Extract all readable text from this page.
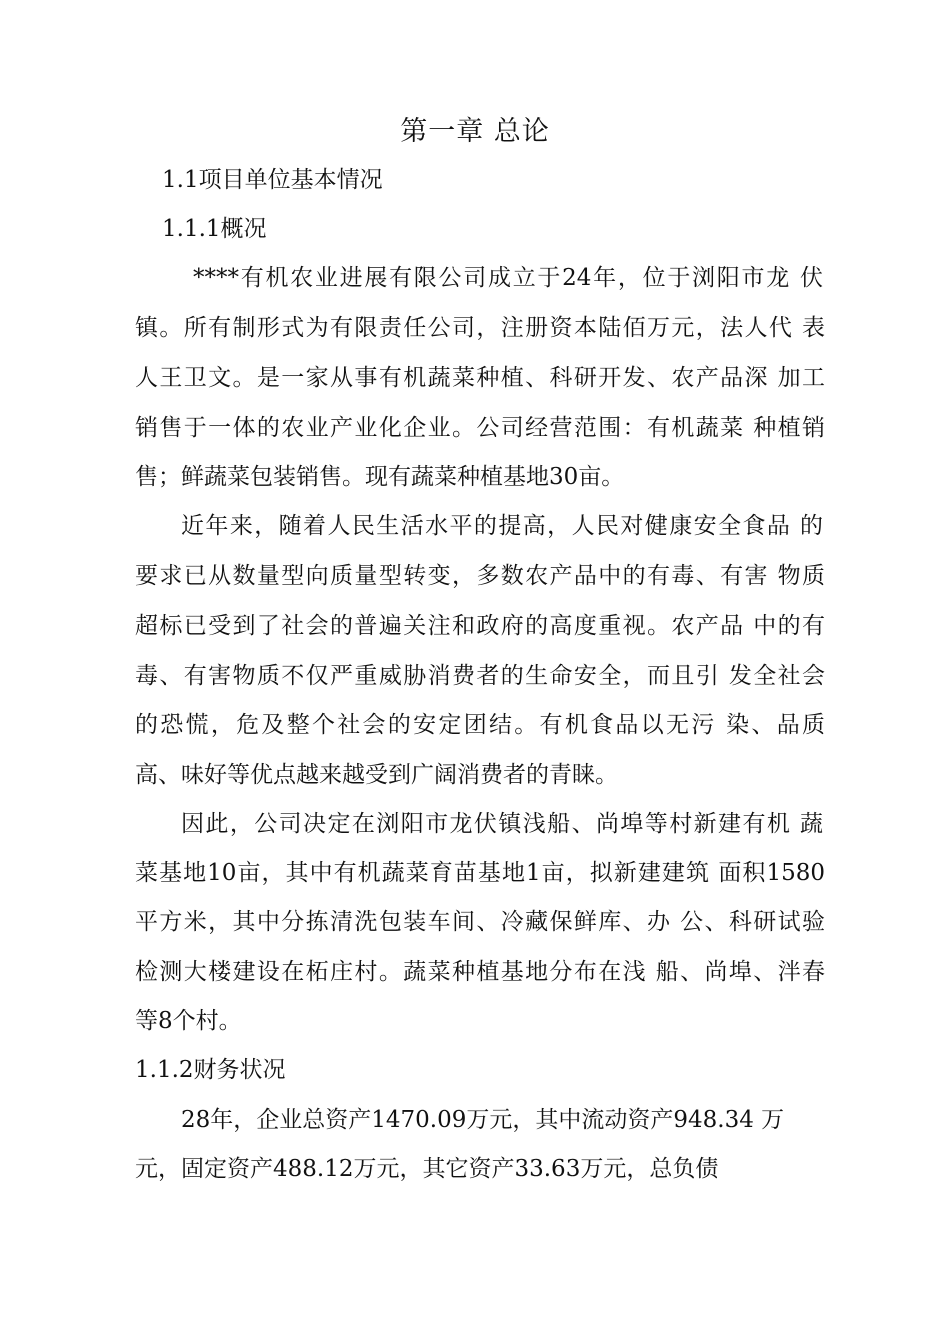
第一章 总论
1.1项目单位基本情况
1.1.1概况
****有机农业进展有限公司成立于24年，位于浏阳市龙 伏
镇。所有制形式为有限责任公司，注册资本陆佰万元，法人代 表
人王卫文。是一家从事有机蔬菜种植、科研开发、农产品深 加工
销售于一体的农业产业化企业。公司经营范围：有机蔬菜 种植销
售；鲜蔬菜包装销售。现有蔬菜种植基地30亩。
近年来，随着人民生活水平的提高，人民对健康安全食品 的
要求已从数量型向质量型转变，多数农产品中的有毒、有害 物质
超标已受到了社会的普遍关注和政府的高度重视。农产品 中的有
毒、有害物质不仅严重威胁消费者的生命安全，而且引 发全社会
的恐慌，危及整个社会的安定团结。有机食品以无污 染、品质
高、味好等优点越来越受到广阔消费者的青睐。
因此，公司决定在浏阳市龙伏镇浅船、尚埠等村新建有机 蔬
菜基地10亩，其中有机蔬菜育苗基地1亩，拟新建建筑 面积1580
平方米，其中分拣清洗包装车间、冷藏保鲜库、办 公、科研试验
检测大楼建设在柘庄村。蔬菜种植基地分布在浅 船、尚埠、泮春
等8个村。
1.1.2财务状况
28年，企业总资产1470.09万元，其中流动资产948.34 万
元，固定资产488.12万元，其它资产33.63万元，总负债
